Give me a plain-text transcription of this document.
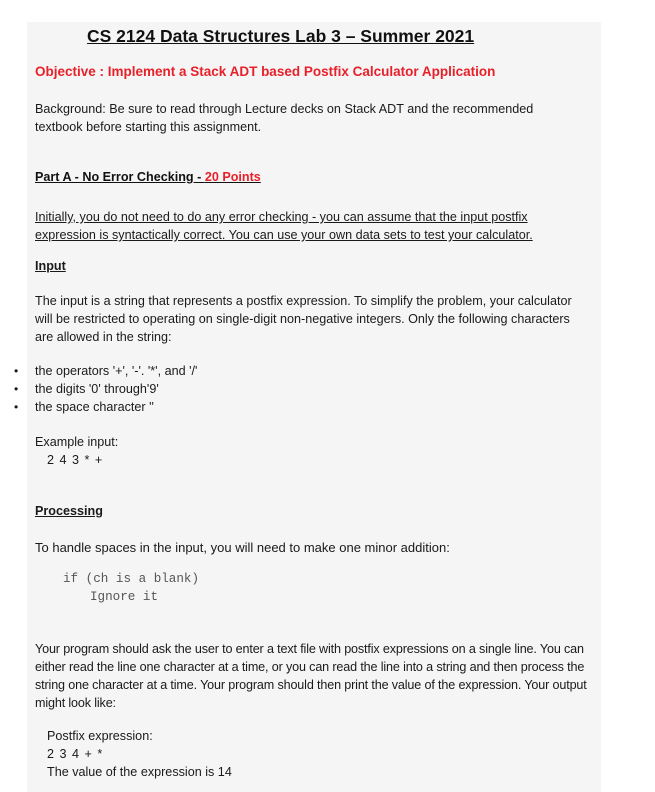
CS 2124 Data Structures Lab 3 – Summer 2021
Objective : Implement a Stack ADT based Postfix Calculator Application
Background: Be sure to read through Lecture decks on Stack ADT and the recommended textbook before starting this assignment.
Part A - No Error Checking - 20 Points
Initially, you do not need to do any error checking - you can assume that the input postfix expression is syntactically correct. You can use your own data sets to test your calculator.
Input
The input is a string that represents a postfix expression. To simplify the problem, your calculator will be restricted to operating on single-digit non-negative integers. Only the following characters are allowed in the string:
•	the operators '+', '-'. '*', and '/'
•	the digits '0' through'9'
•	the space character ''
Example input:
2 4 3 * +
Processing
To handle spaces in the input, you will need to make one minor addition:
if (ch is a blank)
Ignore it
Your program should ask the user to enter a text file with postfix expressions on a single line. You can either read the line one character at a time, or you can read the line into a string and then process the string one character at a time. Your program should then print the value of the expression. Your output might look like:
Postfix expression:
2 3 4 + *
The value of the expression is 14
